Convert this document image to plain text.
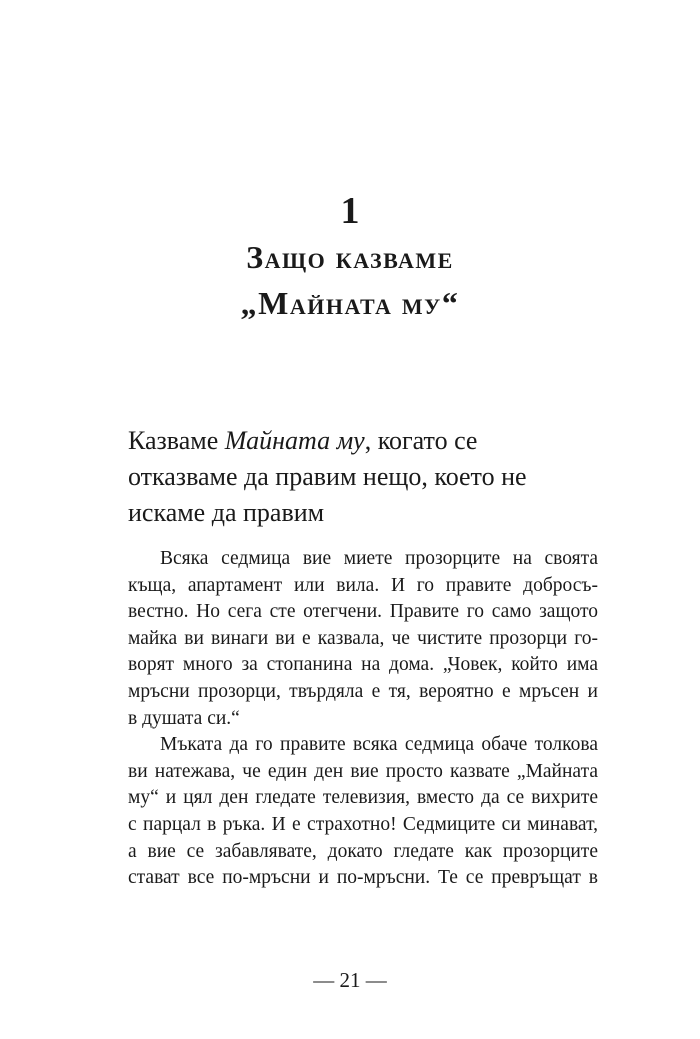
1
Защо казваме
„Майната му“
Казваме Майната му, когато се
отказваме да правим нещо, което не
искаме да правим
Всяка седмица вие миете прозорците на своята
къща, апартамент или вила. И го правите добросъ-
вестно. Но сега сте отегчени. Правите го само защото
майка ви винаги ви е казвала, че чистите прозорци го-
ворят много за стопанина на дома. „Човек, който има
мръсни прозорци, твърдяла е тя, вероятно е мръсен и
в душата си.“
Мъката да го правите всяка седмица обаче толкова
ви натежава, че един ден вие просто казвате „Майната
му“ и цял ден гледате телевизия, вместо да се вихрите
с парцал в ръка. И е страхотно! Седмиците си минават,
а вие се забавлявате, докато гледате как прозорците
стават все по-мръсни и по-мръсни. Те се превръщат в
— 21 —
